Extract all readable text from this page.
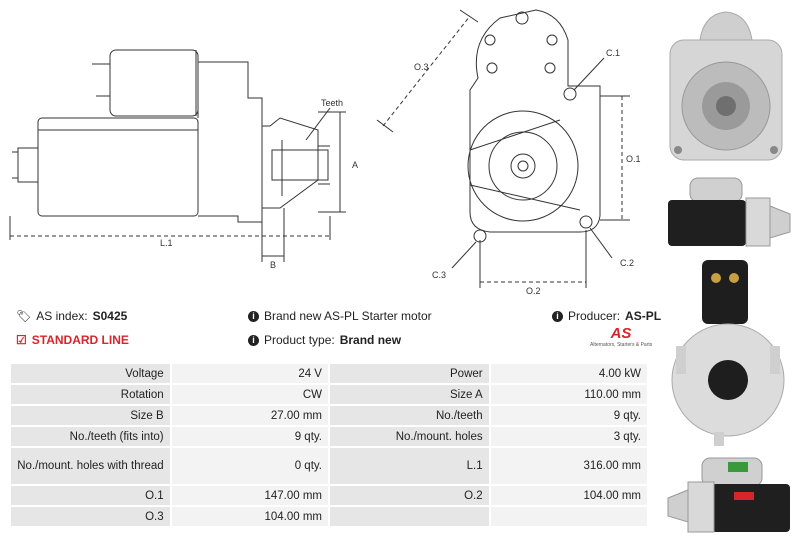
L.1
Teeth
A
B
O.3
C.1
O.1
C.3
C.2
O.2
🏷︎ AS index: S0425
☑ STANDARD LINE
i Brand new AS-PL Starter motor
i Product type: Brand new
i Producer: AS-PL
AS
Alternators, Starters & Parts
Voltage	24 V	Power	4.00 kW
Rotation	CW	Size A	110.00 mm
Size B	27.00 mm	No./teeth	9 qty.
No./teeth (fits into)	9 qty.	No./mount. holes	3 qty.
No./mount. holes with thread	0 qty.	L.1	316.00 mm
O.1	147.00 mm	O.2	104.00 mm
O.3	104.00 mm		
